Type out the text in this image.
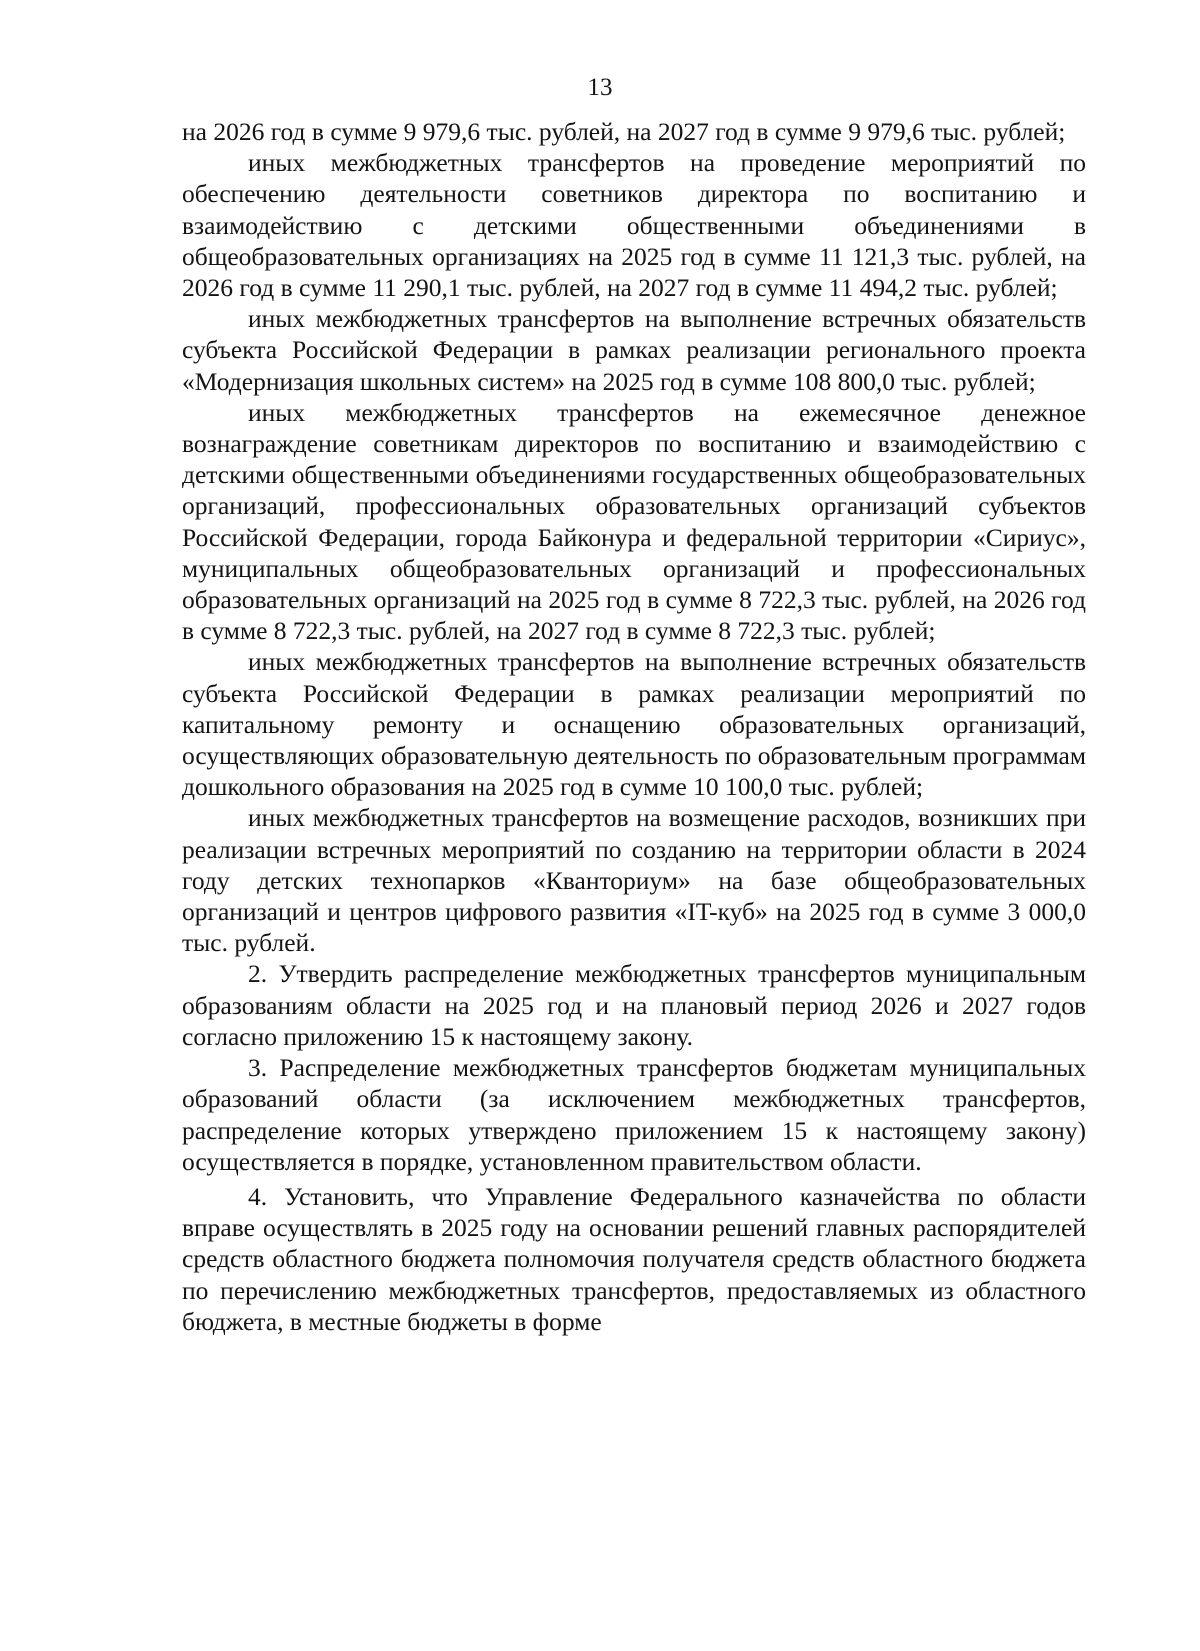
13

на 2026 год в сумме 9 979,6 тыс. рублей, на 2027 год в сумме 9 979,6 тыс. рублей;

иных межбюджетных трансфертов на проведение мероприятий по обеспечению деятельности советников директора по воспитанию и взаимодействию с детскими общественными объединениями в общеобразовательных организациях на 2025 год в сумме 11 121,3 тыс. рублей, на 2026 год в сумме 11 290,1 тыс. рублей, на 2027 год в сумме 11 494,2 тыс. рублей;

иных межбюджетных трансфертов на выполнение встречных обязательств субъекта Российской Федерации в рамках реализации регионального проекта «Модернизация школьных систем» на 2025 год в сумме 108 800,0 тыс. рублей;

иных межбюджетных трансфертов на ежемесячное денежное вознаграждение советникам директоров по воспитанию и взаимодействию с детскими общественными объединениями государственных общеобразовательных организаций, профессиональных образовательных организаций субъектов Российской Федерации, города Байконура и федеральной территории «Сириус», муниципальных общеобразовательных организаций и профессиональных образовательных организаций на 2025 год в сумме 8 722,3 тыс. рублей, на 2026 год в сумме 8 722,3 тыс. рублей, на 2027 год в сумме 8 722,3 тыс. рублей;

иных межбюджетных трансфертов на выполнение встречных обязательств субъекта Российской Федерации в рамках реализации мероприятий по капитальному ремонту и оснащению образовательных организаций, осуществляющих образовательную деятельность по образовательным программам дошкольного образования на 2025 год в сумме 10 100,0 тыс. рублей;

иных межбюджетных трансфертов на возмещение расходов, возникших при реализации встречных мероприятий по созданию на территории области в 2024 году детских технопарков «Кванториум» на базе общеобразовательных организаций и центров цифрового развития «IT-куб» на 2025 год в сумме 3 000,0 тыс. рублей.

2. Утвердить распределение межбюджетных трансфертов муниципальным образованиям области на 2025 год и на плановый период 2026 и 2027 годов согласно приложению 15 к настоящему закону.

3. Распределение межбюджетных трансфертов бюджетам муниципальных образований области (за исключением межбюджетных трансфертов, распределение которых утверждено приложением 15 к настоящему закону) осуществляется в порядке, установленном правительством области.

4. Установить, что Управление Федерального казначейства по области вправе осуществлять в 2025 году на основании решений главных распорядителей средств областного бюджета полномочия получателя средств областного бюджета по перечислению межбюджетных трансфертов, предоставляемых из областного бюджета, в местные бюджеты в форме
